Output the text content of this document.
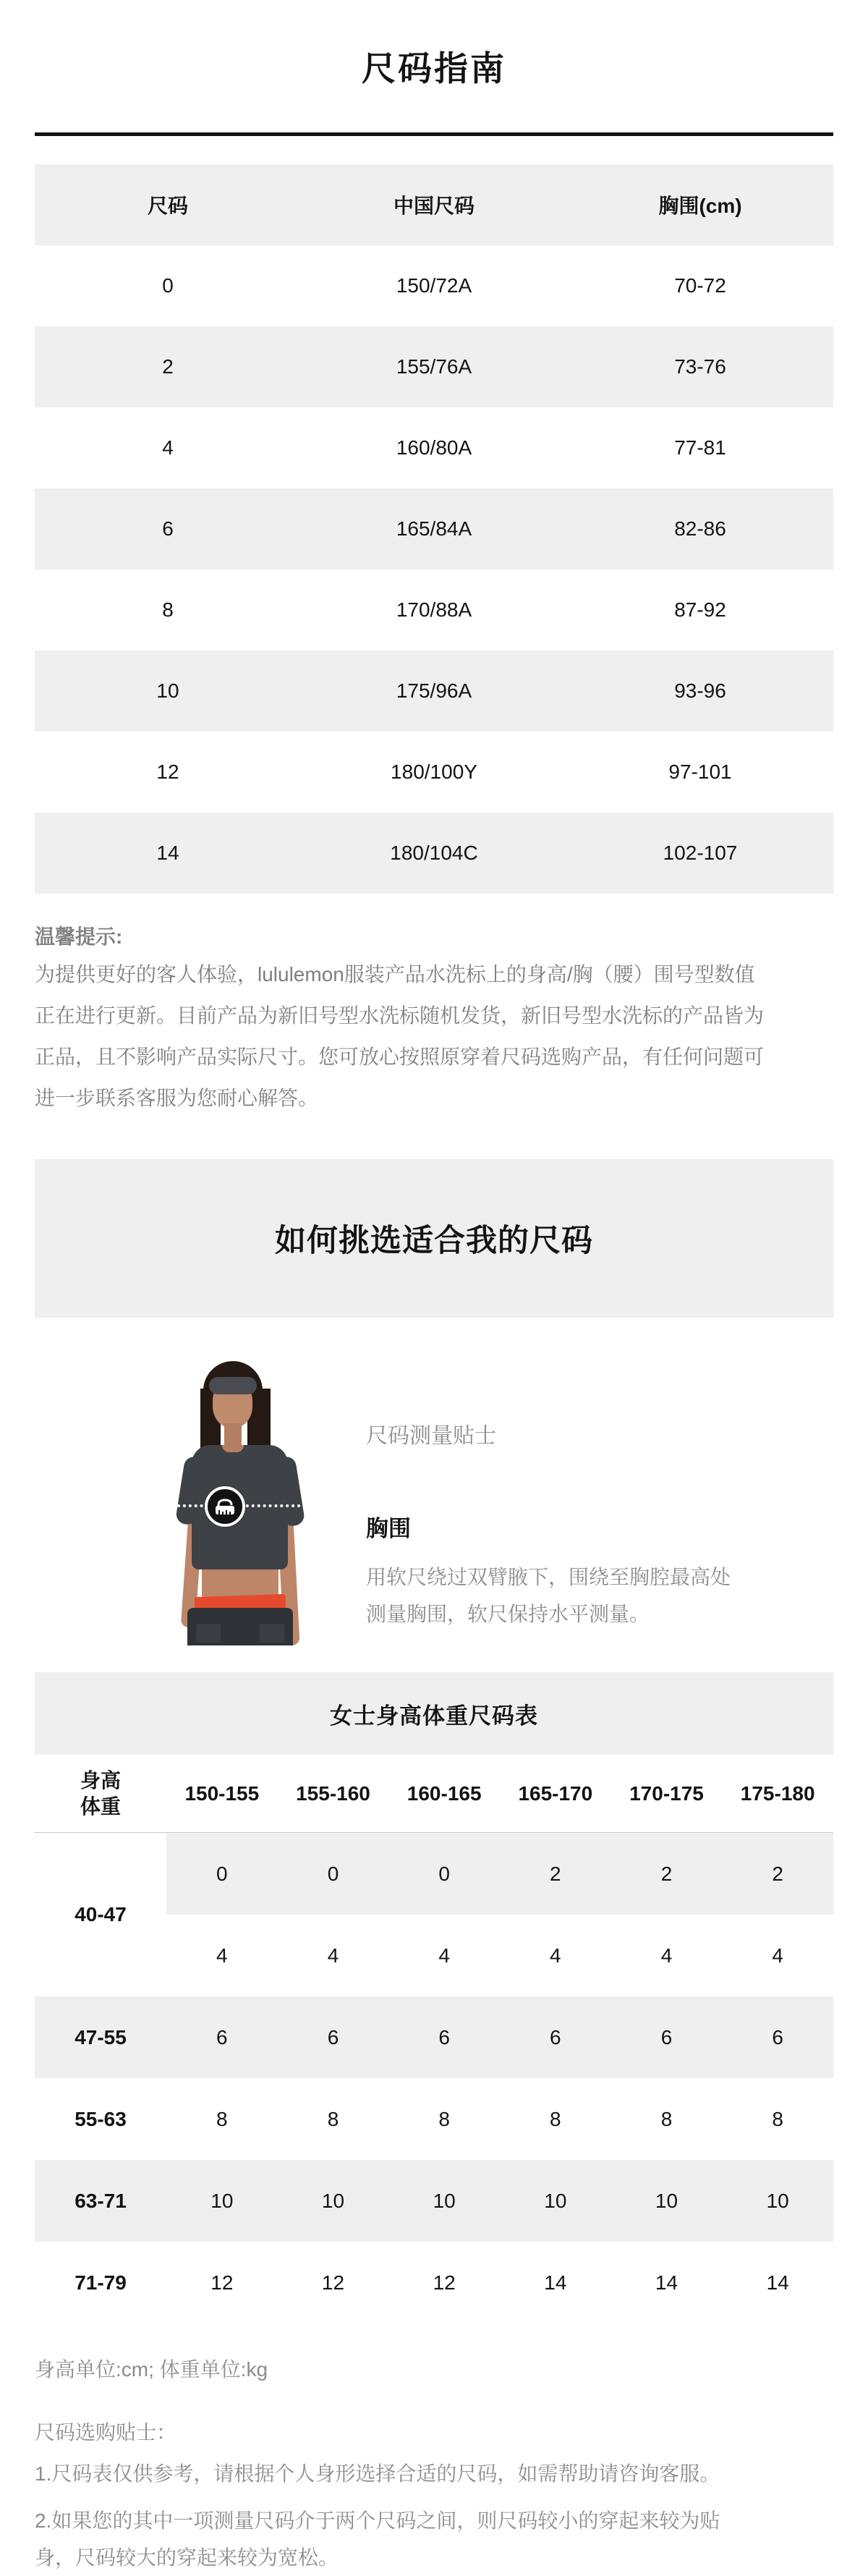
尺码指南
尺码	中国尺码	胸围(cm)
0	150/72A	70-72
2	155/76A	73-76
4	160/80A	77-81
6	165/84A	82-86
8	170/88A	87-92
10	175/96A	93-96
12	180/100Y	97-101
14	180/104C	102-107
温馨提示:

为提供更好的客人体验，lululemon服装产品水洗标上的身高/胸（腰）围号型数值正在进行更新。目前产品为新旧号型水洗标随机发货，新旧号型水洗标的产品皆为正品，且不影响产品实际尺寸。您可放心按照原穿着尺码选购产品，有任何问题可进一步联系客服为您耐心解答。

如何挑选适合我的尺码
尺码测量贴士
胸围

用软尺绕过双臂腋下，围绕至胸腔最高处测量胸围，软尺保持水平测量。

女士身高体重尺码表
身高
体重
150-155	155-160	160-165	165-170	170-175	175-180
40-47
0	0	0	2	2	2
4	4	4	4	4	4
47-55	6	6	6	6	6	6
55-63	8	8	8	8	8	8
63-71	10	10	10	10	10	10
71-79	12	12	12	14	14	14

身高单位:cm; 体重单位:kg

尺码选购贴士：

1.尺码表仅供参考，请根据个人身形选择合适的尺码，如需帮助请咨询客服。

2.如果您的其中一项测量尺码介于两个尺码之间，则尺码较小的穿起来较为贴身，尺码较大的穿起来较为宽松。
